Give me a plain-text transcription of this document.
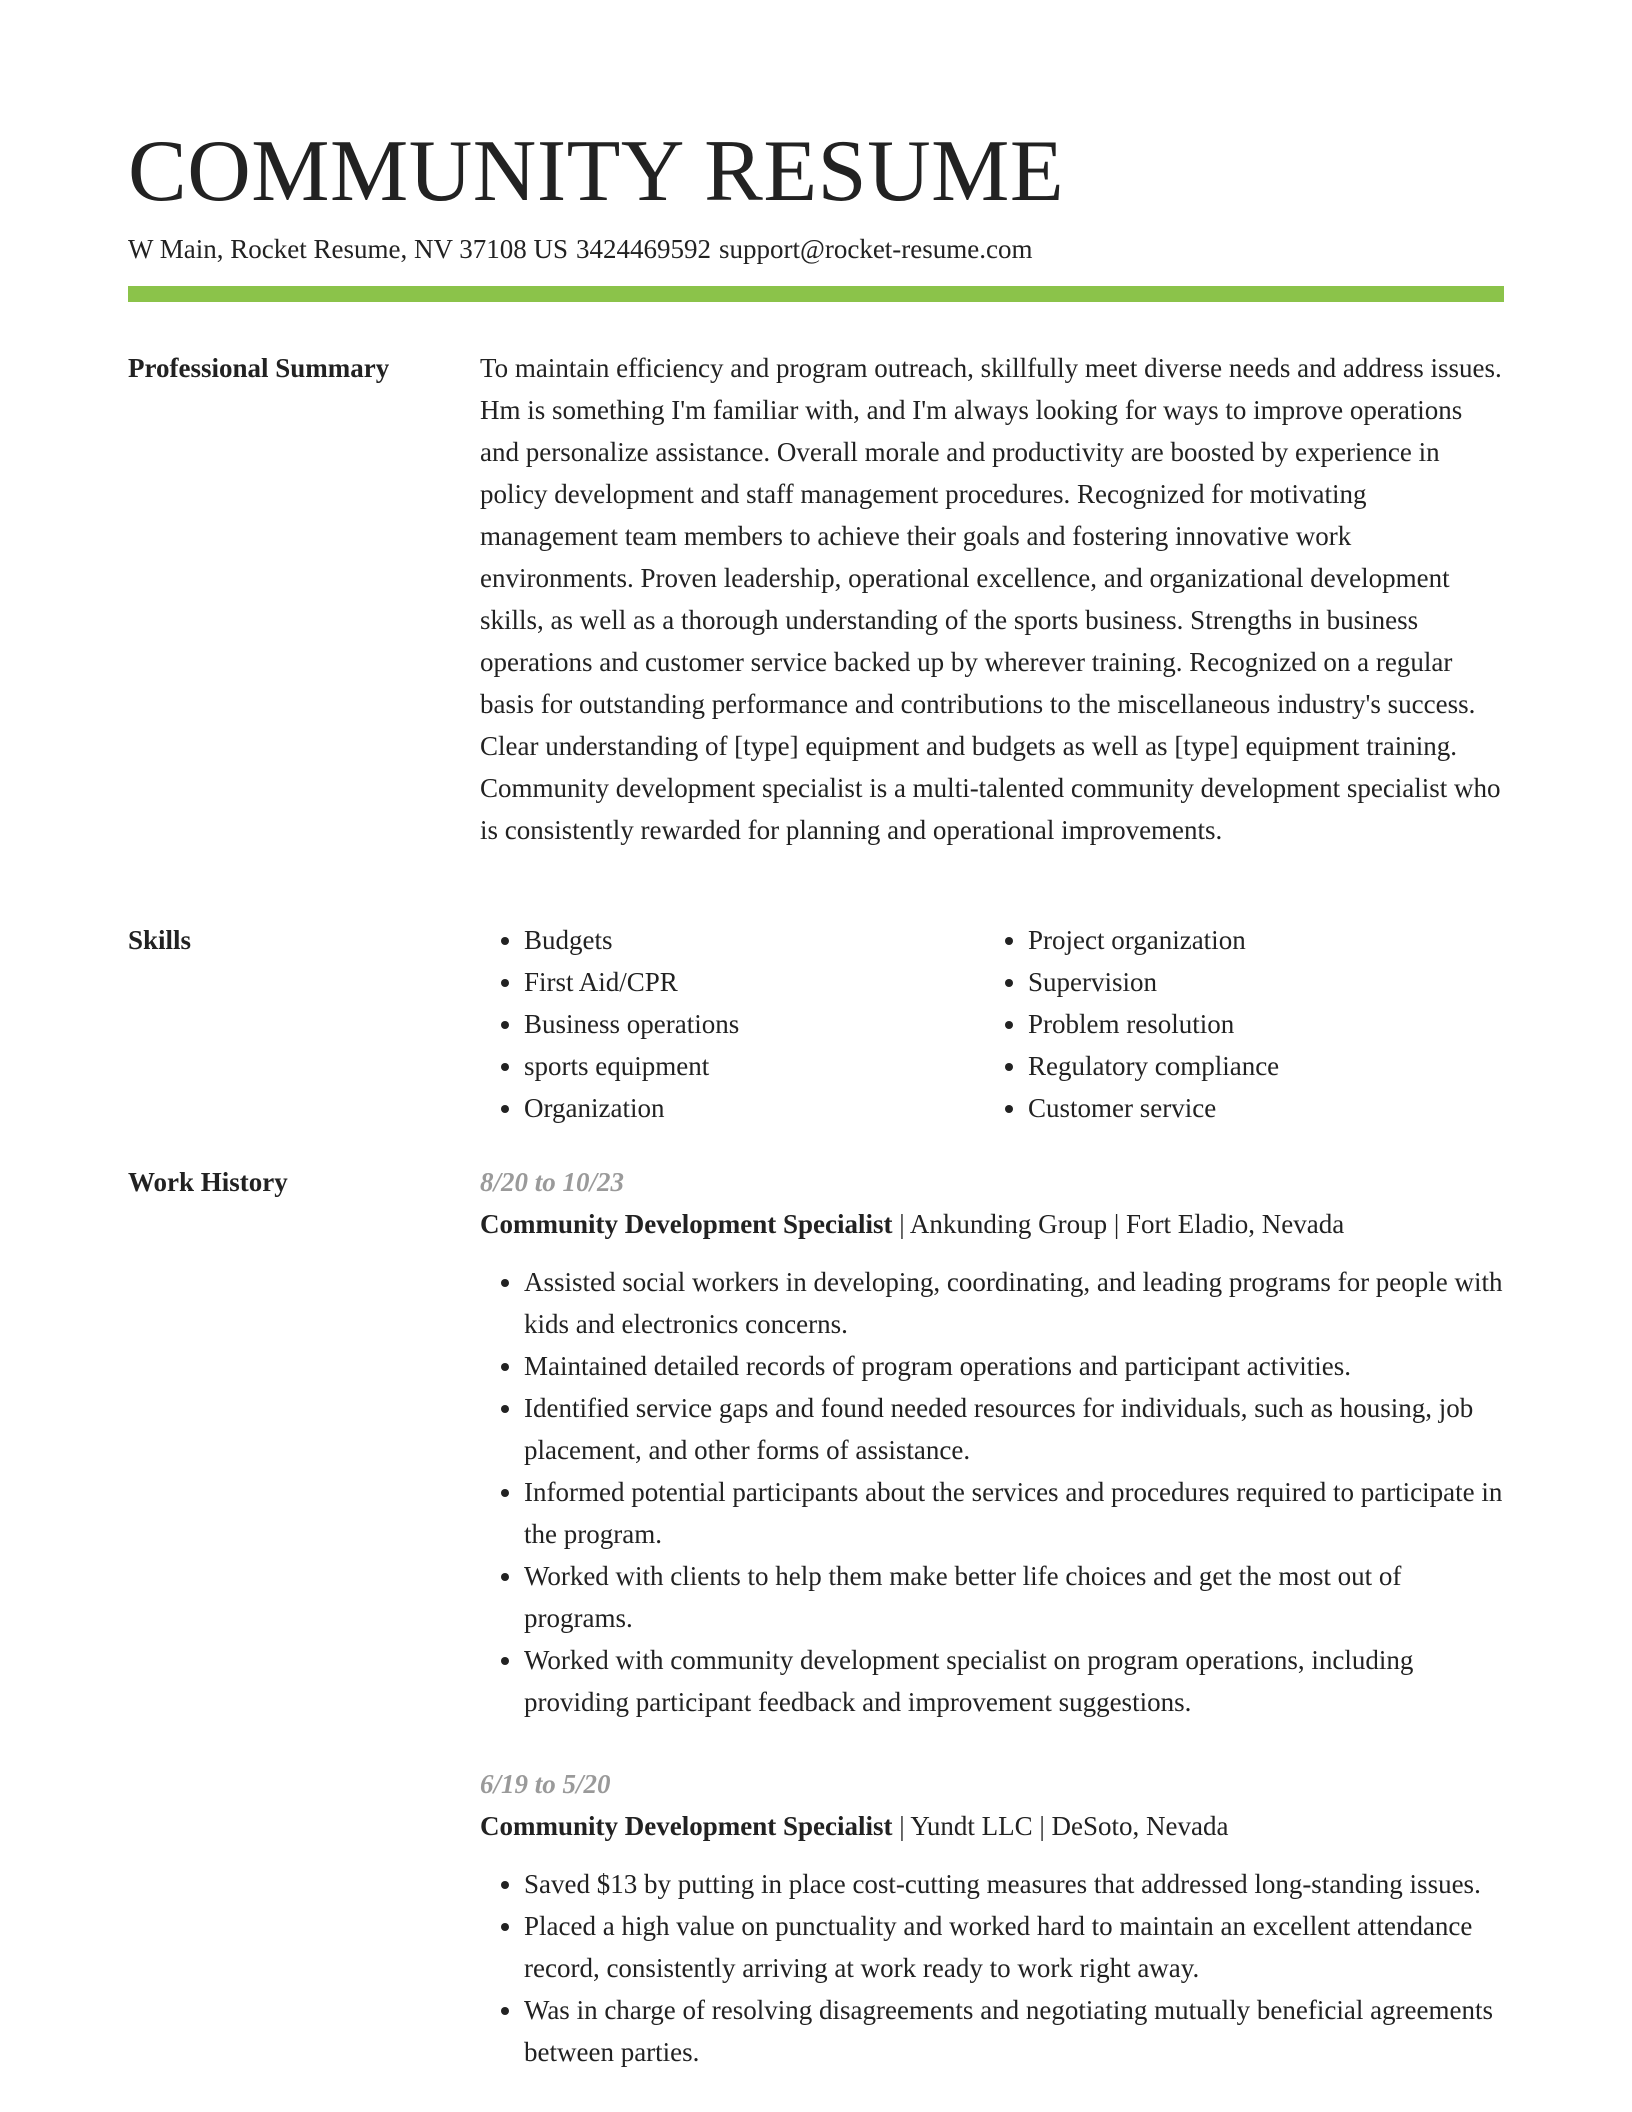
COMMUNITY RESUME
W Main, Rocket Resume, NV 37108 US 3424469592 support@rocket-resume.com
Professional Summary	To maintain efficiency and program outreach, skillfully meet diverse needs and address issues. Hm is something I'm familiar with, and I'm always looking for ways to improve operations and personalize assistance. Overall morale and productivity are boosted by experience in policy development and staff management procedures. Recognized for motivating management team members to achieve their goals and fostering innovative work environments. Proven leadership, operational excellence, and organizational development skills, as well as a thorough understanding of the sports business. Strengths in business operations and customer service backed up by wherever training. Recognized on a regular basis for outstanding performance and contributions to the miscellaneous industry's success. Clear understanding of [type] equipment and budgets as well as [type] equipment training. Community development specialist is a multi-talented community development specialist who is consistently rewarded for planning and operational improvements.

Skills
•	Budgets
• First Aid/CPR
• Business operations
• sports equipment
• Organization
• Project organization
• Supervision
• Problem resolution
• Regulatory compliance
• Customer service
Work History	8/20 to 10/23

Community Development Specialist | Ankunding Group | Fort Eladio, Nevada

• Assisted social workers in developing, coordinating, and leading programs for people with kids and electronics concerns.
• Maintained detailed records of program operations and participant activities.
• Identified service gaps and found needed resources for individuals, such as housing, job placement, and other forms of assistance.
• Informed potential participants about the services and procedures required to participate in the program.
• Worked with clients to help them make better life choices and get the most out of programs.
• Worked with community development specialist on program operations, including providing participant feedback and improvement suggestions.

6/19 to 5/20

Community Development Specialist | Yundt LLC | DeSoto, Nevada

• Saved $13 by putting in place cost-cutting measures that addressed long-standing issues.
• Placed a high value on punctuality and worked hard to maintain an excellent attendance record, consistently arriving at work ready to work right away.
• Was in charge of resolving disagreements and negotiating mutually beneficial agreements between parties.
